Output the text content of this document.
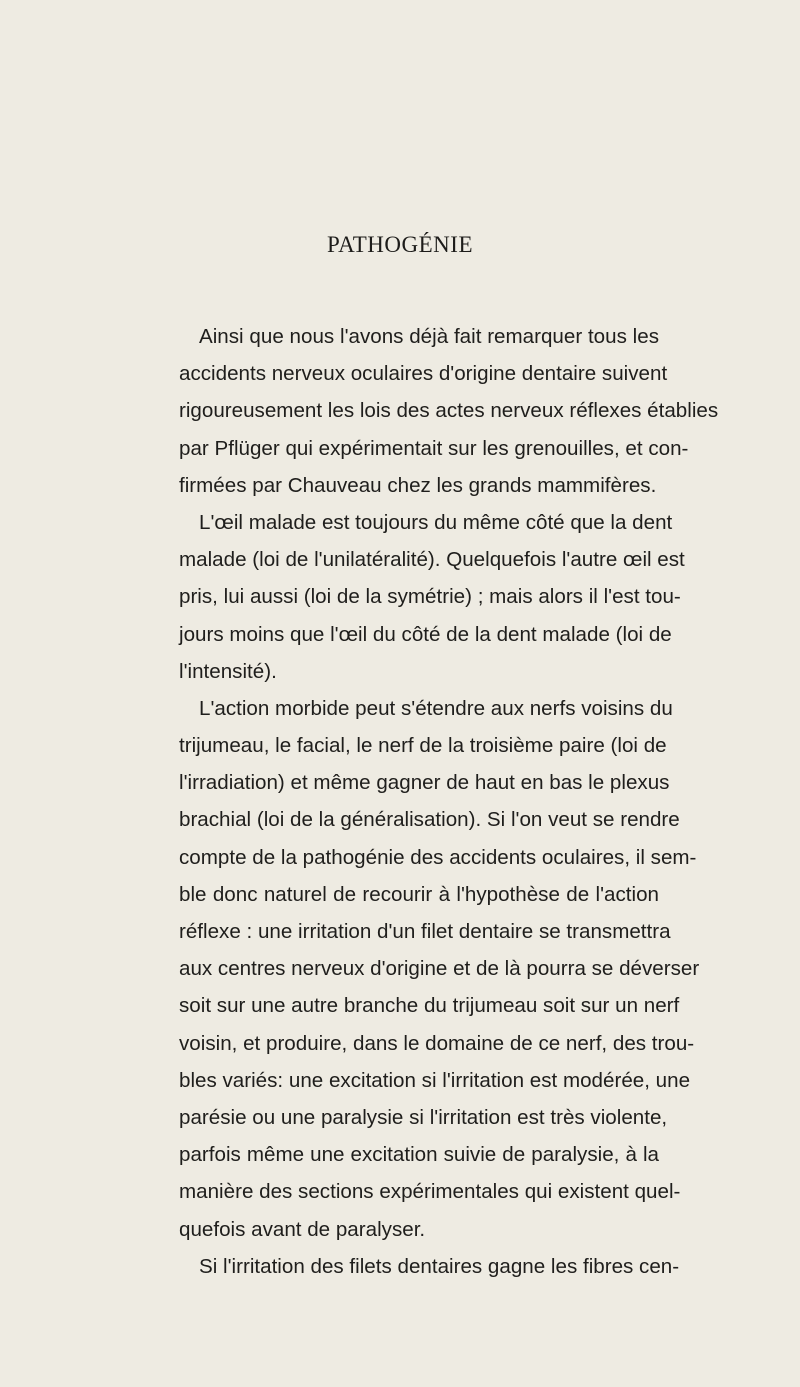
PATHOGÉNIE
Ainsi que nous l'avons déjà fait remarquer tous les
accidents nerveux oculaires d'origine dentaire suivent
rigoureusement les lois des actes nerveux réflexes établies
par Pflüger qui expérimentait sur les grenouilles, et con-
firmées par Chauveau chez les grands mammifères.
L'œil malade est toujours du même côté que la dent
malade (loi de l'unilatéralité). Quelquefois l'autre œil est
pris, lui aussi (loi de la symétrie) ; mais alors il l'est tou-
jours moins que l'œil du côté de la dent malade (loi de
l'intensité).
L'action morbide peut s'étendre aux nerfs voisins du
trijumeau, le facial, le nerf de la troisième paire (loi de
l'irradiation) et même gagner de haut en bas le plexus
brachial (loi de la généralisation). Si l'on veut se rendre
compte de la pathogénie des accidents oculaires, il sem-
ble donc naturel de recourir à l'hypothèse de l'action
réflexe : une irritation d'un filet dentaire se transmettra
aux centres nerveux d'origine et de là pourra se déverser
soit sur une autre branche du trijumeau soit sur un nerf
voisin, et produire, dans le domaine de ce nerf, des trou-
bles variés: une excitation si l'irritation est modérée, une
parésie ou une paralysie si l'irritation est très violente,
parfois même une excitation suivie de paralysie, à la
manière des sections expérimentales qui existent quel-
quefois avant de paralyser.
Si l'irritation des filets dentaires gagne les fibres cen-
